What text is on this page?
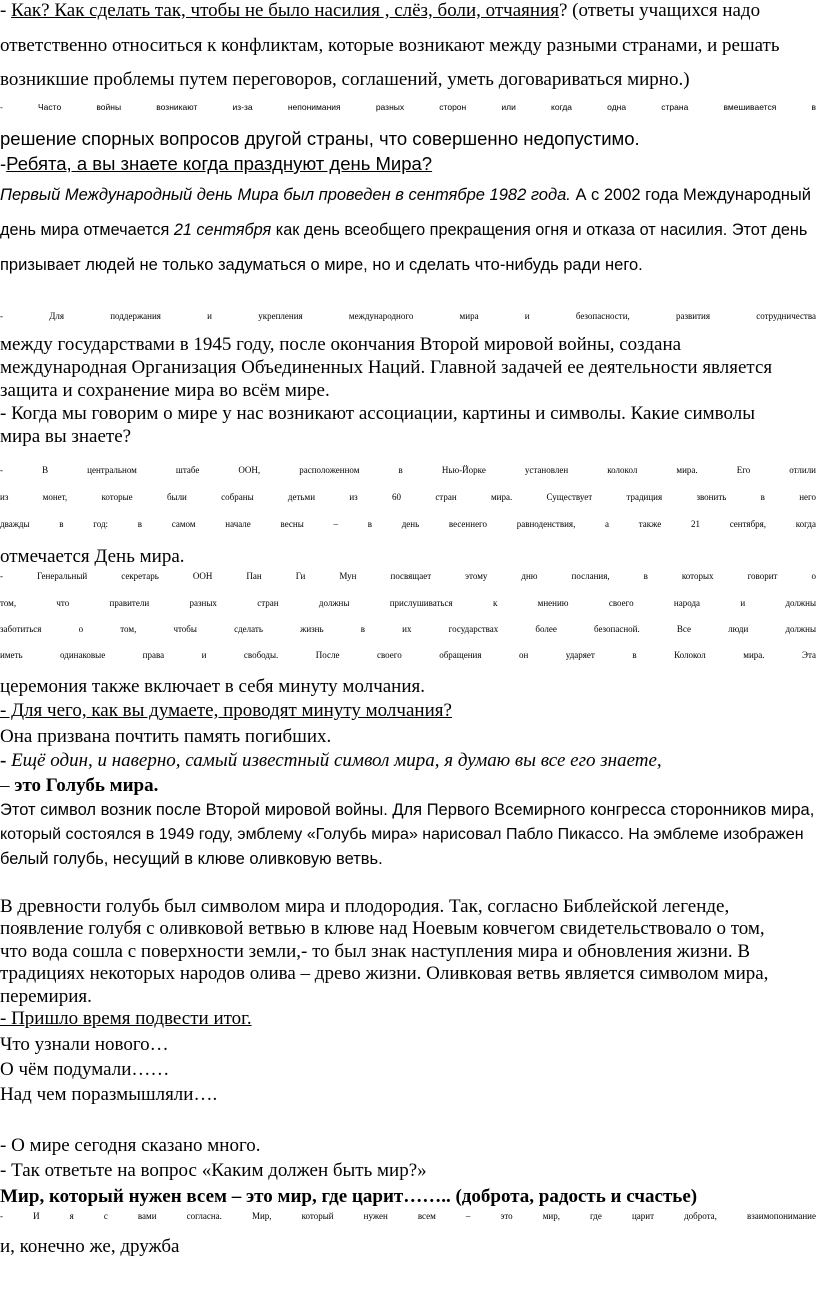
- Как? Как сделать так, чтобы не было насилия , слёз, боли, отчаяния? (ответы учащихся надо

ответственно относиться к конфликтам, которые возникают между разными странами, и решать

возникшие проблемы путем переговоров, соглашений, уметь договариваться мирно.)

- Часто войны возникают из-за непонимания разных сторон или когда одна страна вмешивается в

решение спорных вопросов другой страны, что совершенно недопустимо.

-Ребята, а вы знаете когда празднуют день Мира?

Первый Международный день Мира был проведен в сентябре 1982 года. А с 2002 года Международный

день мира отмечается 21 сентября как день всеобщего прекращения огня и отказа от насилия. Этот день

призывает людей не только задуматься о мире, но и сделать что-нибудь ради него.

- Для поддержания и укрепления международного мира и безопасности, развития сотрудничества

между государствами в 1945 году, после окончания Второй мировой войны, создана

международная Организация Объединенных Наций. Главной задачей ее деятельности является

защита и сохранение мира во всём мире.

- Когда мы говорим о мире у нас возникают ассоциации, картины и символы. Какие символы

мира вы знаете?

- В центральном штабе ООН, расположенном в Нью-Йорке установлен колокол мира. Его отлили

из монет, которые были собраны детьми из 60 стран мира. Существует традиция звонить в него

дважды в год: в самом начале весны – в день весеннего равноденствия, а также 21 сентября, когда

отмечается День мира.

- Генеральный секретарь ООН Пан Ги Мун посвящает этому дню послания, в которых говорит о

том, что правители разных стран должны прислушиваться к мнению своего народа и должны

заботиться о том, чтобы сделать жизнь в их государствах более безопасной. Все люди должны

иметь одинаковые права и свободы. После своего обращения он ударяет в Колокол мира. Эта

церемония также включает в себя минуту молчания.

- Для чего, как вы думаете, проводят минуту молчания?

Она призвана почтить память погибших.

- Ещё один, и наверно, самый известный символ мира, я думаю вы все его знаете,

– это Голубь мира.

Этот символ возник после Второй мировой войны. Для Первого Всемирного конгресса сторонников мира,

который состоялся в 1949 году, эмблему «Голубь мира» нарисовал Пабло Пикассо. На эмблеме изображен

белый голубь, несущий в клюве оливковую ветвь.

В древности голубь был символом мира и плодородия. Так, согласно Библейской легенде,

появление голубя с оливковой ветвью в клюве над Ноевым ковчегом свидетельствовало о том,

что вода сошла с поверхности земли,- то был знак наступления мира и обновления жизни. В

традициях некоторых народов олива – древо жизни. Оливковая ветвь является символом мира,

перемирия.

- Пришло время подвести итог.

Что узнали нового…

О чём подумали……

Над чем поразмышляли….

- О мире сегодня сказано много.

- Так ответьте на вопрос «Каким должен быть мир?»

Мир, который нужен всем – это мир, где царит…….. (доброта, радость и счастье)

- И я с вами согласна. Мир, который нужен всем – это мир, где царит доброта, взаимопонимание

и, конечно же, дружба
